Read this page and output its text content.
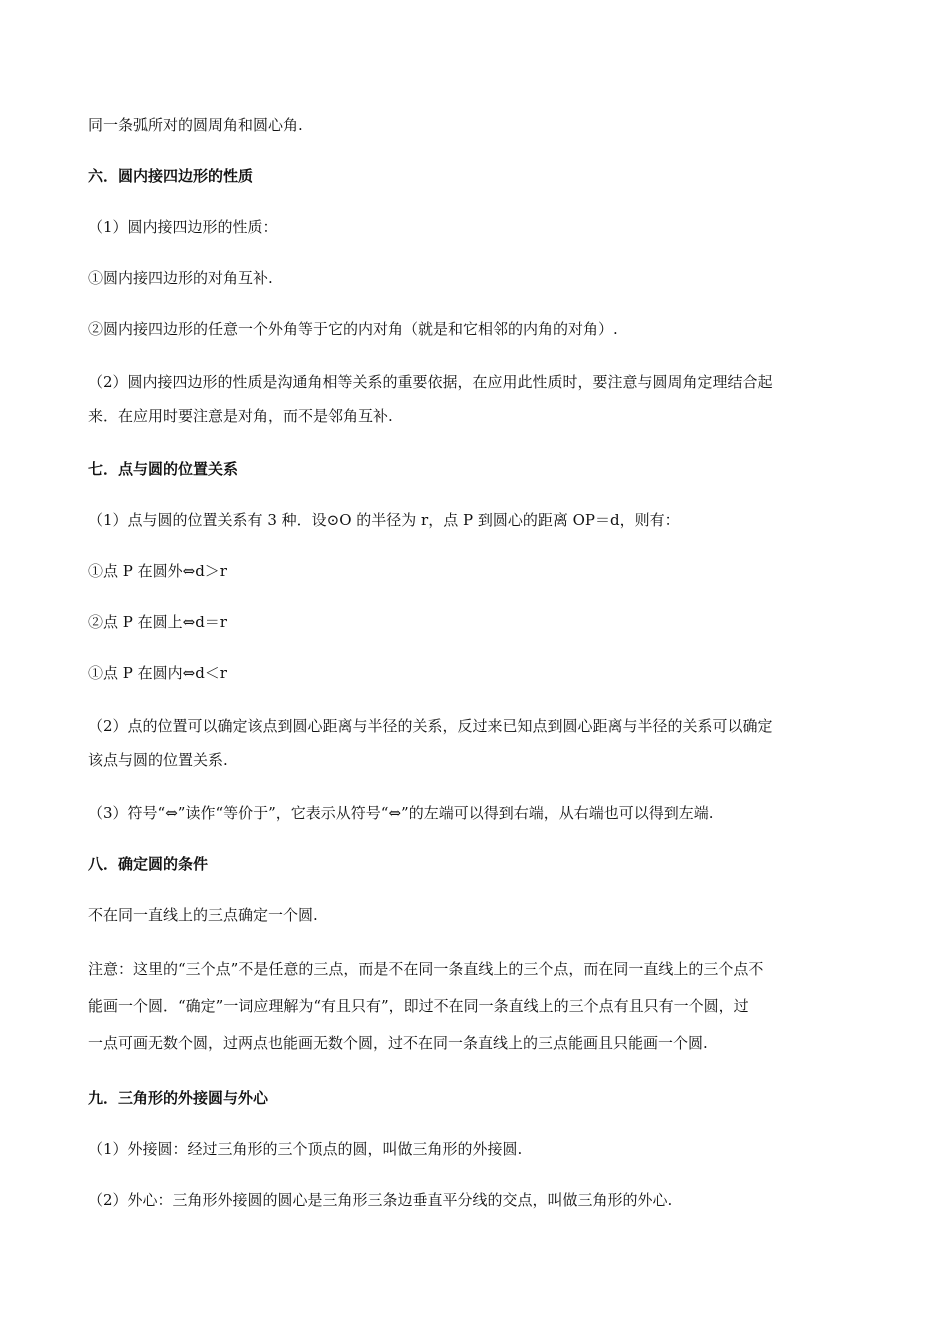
同一条弧所对的圆周角和圆心角.
六．圆内接四边形的性质
（1）圆内接四边形的性质：
①圆内接四边形的对角互补.
②圆内接四边形的任意一个外角等于它的内对角（就是和它相邻的内角的对角）.
（2）圆内接四边形的性质是沟通角相等关系的重要依据，在应用此性质时，要注意与圆周角定理结合起
来．在应用时要注意是对角，而不是邻角互补.
七．点与圆的位置关系
（1）点与圆的位置关系有 3 种．设⊙O 的半径为 r，点 P 到圆心的距离 OP＝d，则有：
①点 P 在圆外⇔d＞r
②点 P 在圆上⇔d＝r
①点 P 在圆内⇔d＜r
（2）点的位置可以确定该点到圆心距离与半径的关系，反过来已知点到圆心距离与半径的关系可以确定
该点与圆的位置关系.
（3）符号“⇔”读作“等价于”，它表示从符号“⇔”的左端可以得到右端，从右端也可以得到左端.
八．确定圆的条件
不在同一直线上的三点确定一个圆.
注意：这里的“三个点”不是任意的三点，而是不在同一条直线上的三个点，而在同一直线上的三个点不
能画一个圆．“确定”一词应理解为“有且只有”，即过不在同一条直线上的三个点有且只有一个圆，过
一点可画无数个圆，过两点也能画无数个圆，过不在同一条直线上的三点能画且只能画一个圆.
九．三角形的外接圆与外心
（1）外接圆：经过三角形的三个顶点的圆，叫做三角形的外接圆.
（2）外心：三角形外接圆的圆心是三角形三条边垂直平分线的交点，叫做三角形的外心.
